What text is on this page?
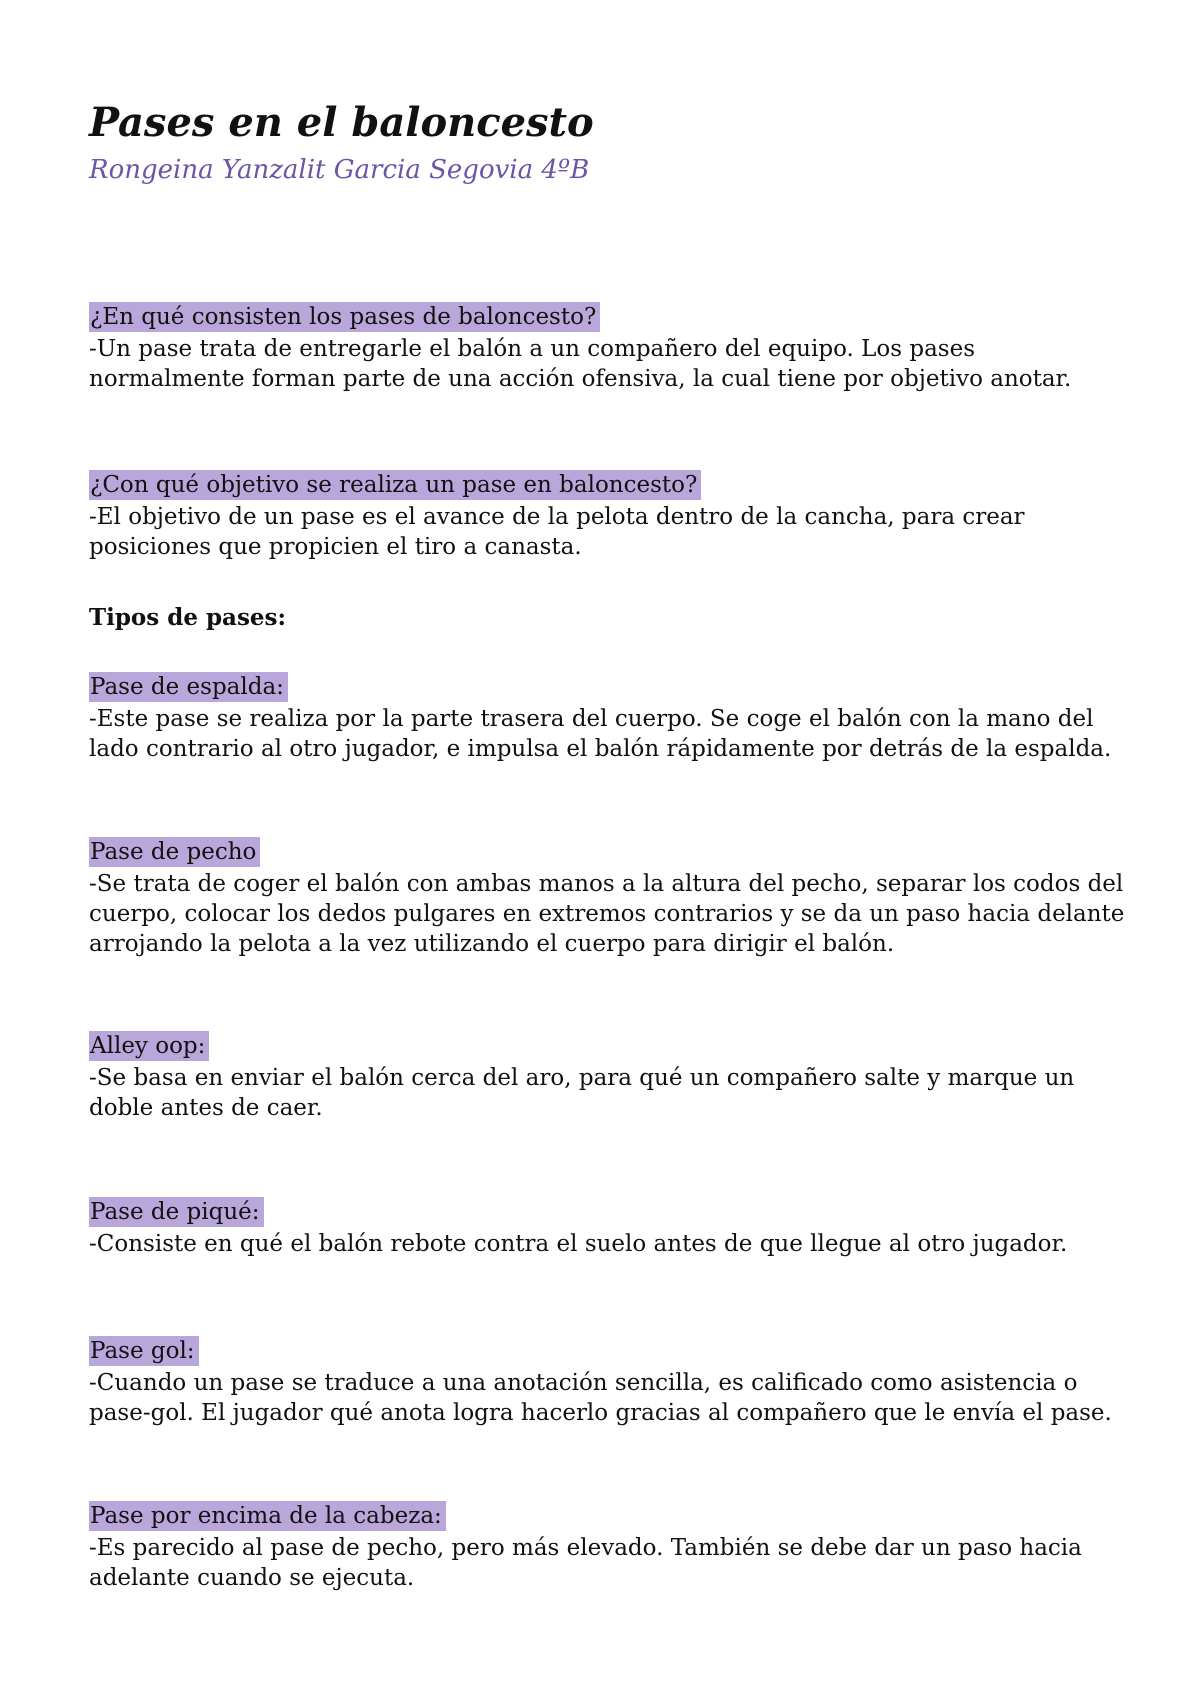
Pases en el baloncesto

Rongeina Yanzalit Garcia Segovia 4ºB

¿En qué consisten los pases de baloncesto?
-Un pase trata de entregarle el balón a un compañero del equipo. Los pases
normalmente forman parte de una acción ofensiva, la cual tiene por objetivo anotar.
¿Con qué objetivo se realiza un pase en baloncesto?
-El objetivo de un pase es el avance de la pelota dentro de la cancha, para crear
posiciones que propicien el tiro a canasta.
Tipos de pases:
Pase de espalda:
-Este pase se realiza por la parte trasera del cuerpo. Se coge el balón con la mano del
lado contrario al otro jugador, e impulsa el balón rápidamente por detrás de la espalda.
Pase de pecho
-Se trata de coger el balón con ambas manos a la altura del pecho, separar los codos del
cuerpo, colocar los dedos pulgares en extremos contrarios y se da un paso hacia delante
arrojando la pelota a la vez utilizando el cuerpo para dirigir el balón.
Alley oop:
-Se basa en enviar el balón cerca del aro, para qué un compañero salte y marque un
doble antes de caer.
Pase de piqué:
-Consiste en qué el balón rebote contra el suelo antes de que llegue al otro jugador.
Pase gol:
-Cuando un pase se traduce a una anotación sencilla, es calificado como asistencia o
pase-gol. El jugador qué anota logra hacerlo gracias al compañero que le envía el pase.
Pase por encima de la cabeza:
-Es parecido al pase de pecho, pero más elevado. También se debe dar un paso hacia
adelante cuando se ejecuta.
